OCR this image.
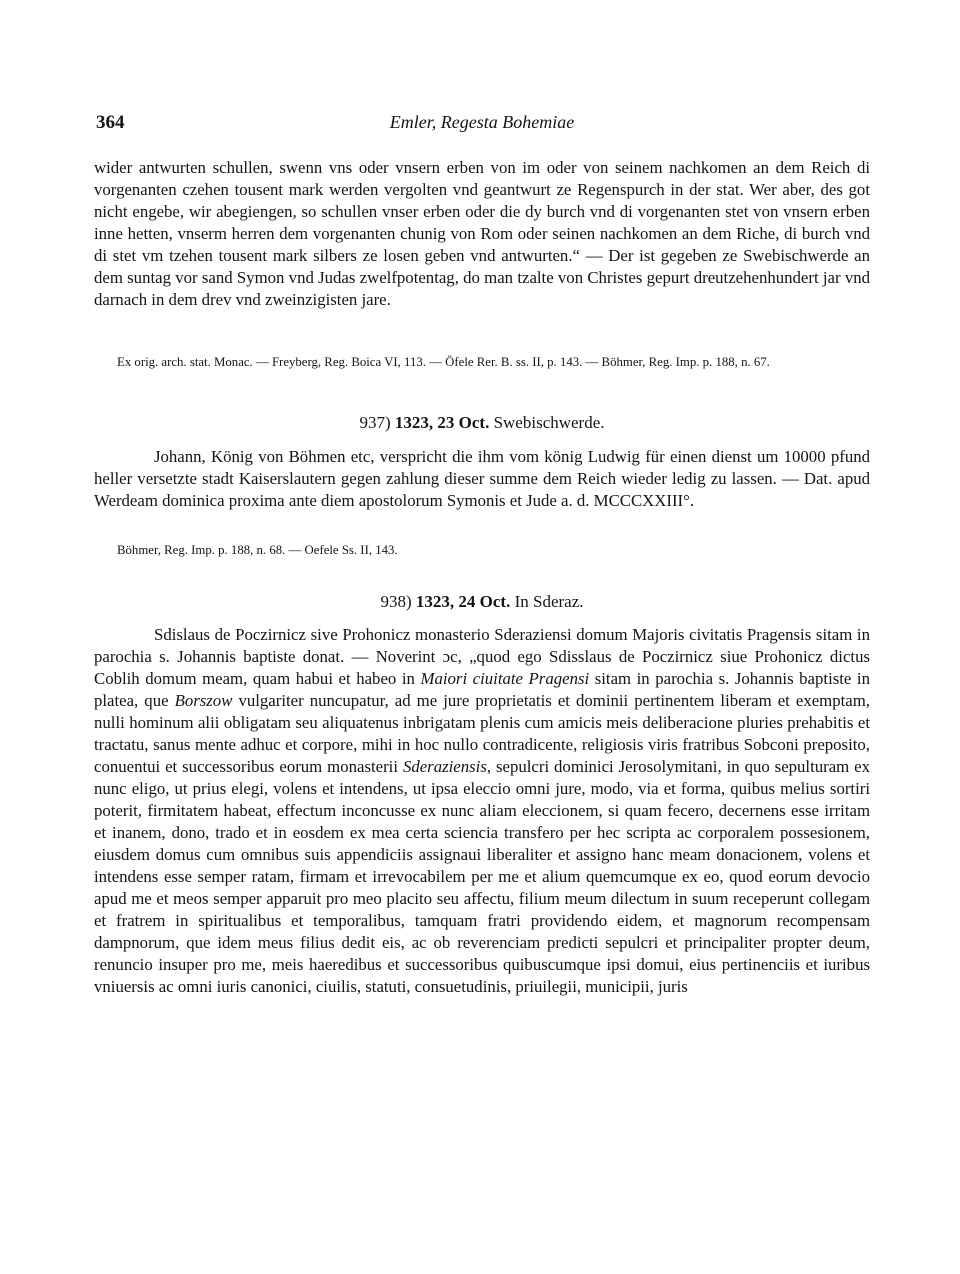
364	Emler, Regesta Bohemiae

wider antwurten schullen, swenn vns oder vnsern erben von im oder von seinem nachkomen an dem Reich di vorgenanten czehen tousent mark werden vergolten vnd geantwurt ze Regenspurch in der stat. Wer aber, des got nicht engebe, wir abegiengen, so schullen vnser erben oder die dy burch vnd di vorgenanten stet von vnsern erben inne hetten, vnserm herren dem vorgenanten chunig von Rom oder seinen nachkomen an dem Riche, di burch vnd di stet vm tzehen tousent mark silbers ze losen geben vnd antwurten.“ — Der ist gegeben ze Swebischwerde an dem suntag vor sand Symon vnd Judas zwelfpotentag, do man tzalte von Christes gepurt dreutzehenhundert jar vnd darnach in dem drev vnd zweinzigisten jare.

Ex orig. arch. stat. Monac. — Freyberg, Reg. Boica VI, 113. — Öfele Rer. B. ss. II, p. 143. — Böhmer, Reg. Imp. p. 188, n. 67.

937) 1323, 23 Oct. Swebischwerde.

Johann, König von Böhmen etc, verspricht die ihm vom könig Ludwig für einen dienst um 10000 pfund heller versetzte stadt Kaiserslautern gegen zahlung dieser summe dem Reich wieder ledig zu lassen. — Dat. apud Werdeam dominica proxima ante diem apostolorum Symonis et Jude a. d. MCCCXXIII°.

Böhmer, Reg. Imp. p. 188, n. 68. — Oefele Ss. II, 143.

938) 1323, 24 Oct. In Sderaz.

Sdislaus de Poczirnicz sive Prohonicz monasterio Sderaziensi domum Majoris civitatis Pragensis sitam in parochia s. Johannis baptiste donat. — Noverint ɔc, „quod ego Sdisslaus de Poczirnicz siue Prohonicz dictus Coblih domum meam, quam habui et habeo in Maiori ciuitate Pragensi sitam in parochia s. Johannis baptiste in platea, que Borszow vulgariter nuncupatur, ad me jure proprietatis et dominii pertinentem liberam et exemptam, nulli hominum alii obligatam seu aliquatenus inbrigatam plenis cum amicis meis deliberacione pluries prehabitis et tractatu, sanus mente adhuc et corpore, mihi in hoc nullo contradicente, religiosis viris fratribus Sobconi preposito, conuentui et successoribus eorum monasterii Sderaziensis, sepulcri dominici Jerosolymitani, in quo sepulturam ex nunc eligo, ut prius elegi, volens et intendens, ut ipsa eleccio omni jure, modo, via et forma, quibus melius sortiri poterit, firmitatem habeat, effectum inconcusse ex nunc aliam eleccionem, si quam fecero, decernens esse irritam et inanem, dono, trado et in eosdem ex mea certa sciencia transfero per hec scripta ac corporalem possesionem, eiusdem domus cum omnibus suis appendiciis assignaui liberaliter et assigno hanc meam donacionem, volens et intendens esse semper ratam, firmam et irrevocabilem per me et alium quemcumque ex eo, quod eorum devocio apud me et meos semper apparuit pro meo placito seu affectu, filium meum dilectum in suum receperunt collegam et fratrem in spiritualibus et temporalibus, tamquam fratri providendo eidem, et magnorum recompensam dampnorum, que idem meus filius dedit eis, ac ob reverenciam predicti sepulcri et principaliter propter deum, renuncio insuper pro me, meis haeredibus et successoribus quibuscumque ipsi domui, eius pertinenciis et iuribus vniuersis ac omni iuris canonici, ciuilis, statuti, consuetudinis, priuilegii, municipii, juris
